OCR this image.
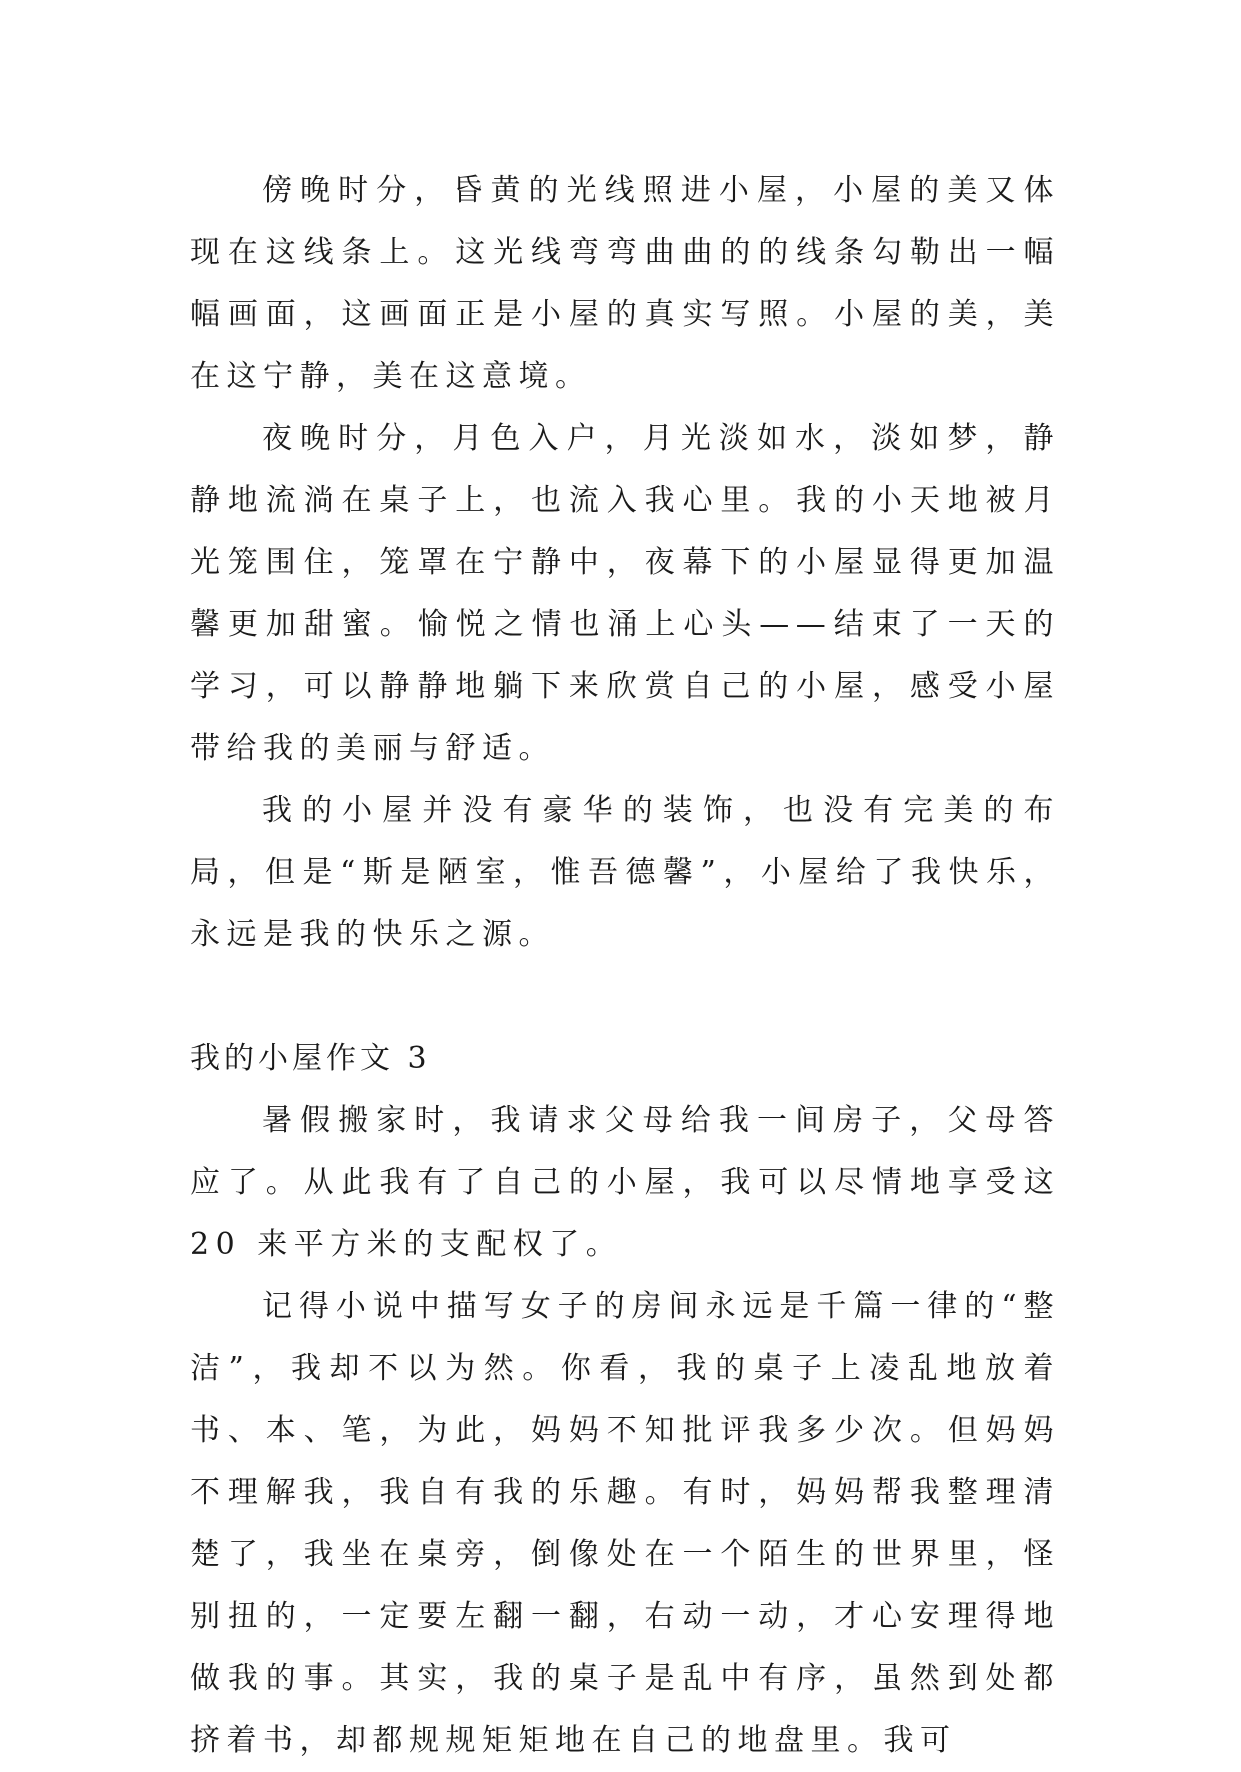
傍晚时分，昏黄的光线照进小屋，小屋的美又体现在这线条上。这光线弯弯曲曲的的线条勾勒出一幅幅画面，这画面正是小屋的真实写照。小屋的美，美在这宁静，美在这意境。

夜晚时分，月色入户，月光淡如水，淡如梦，静静地流淌在桌子上，也流入我心里。我的小天地被月光笼围住，笼罩在宁静中，夜幕下的小屋显得更加温馨更加甜蜜。愉悦之情也涌上心头——结束了一天的学习，可以静静地躺下来欣赏自己的小屋，感受小屋带给我的美丽与舒适。

我的小屋并没有豪华的装饰，也没有完美的布局，但是“斯是陋室，惟吾德馨”，小屋给了我快乐，永远是我的快乐之源。

我的小屋作文 3

暑假搬家时，我请求父母给我一间房子，父母答应了。从此我有了自己的小屋，我可以尽情地享受这 20 来平方米的支配权了。

记得小说中描写女子的房间永远是千篇一律的“整洁”，我却不以为然。你看，我的桌子上凌乱地放着书、本、笔，为此，妈妈不知批评我多少次。但妈妈不理解我，我自有我的乐趣。有时，妈妈帮我整理清楚了，我坐在桌旁，倒像处在一个陌生的世界里，怪别扭的，一定要左翻一翻，右动一动，才心安理得地做我的事。其实，我的桌子是乱中有序，虽然到处都挤着书，却都规规矩矩地在自己的地盘里。我可
